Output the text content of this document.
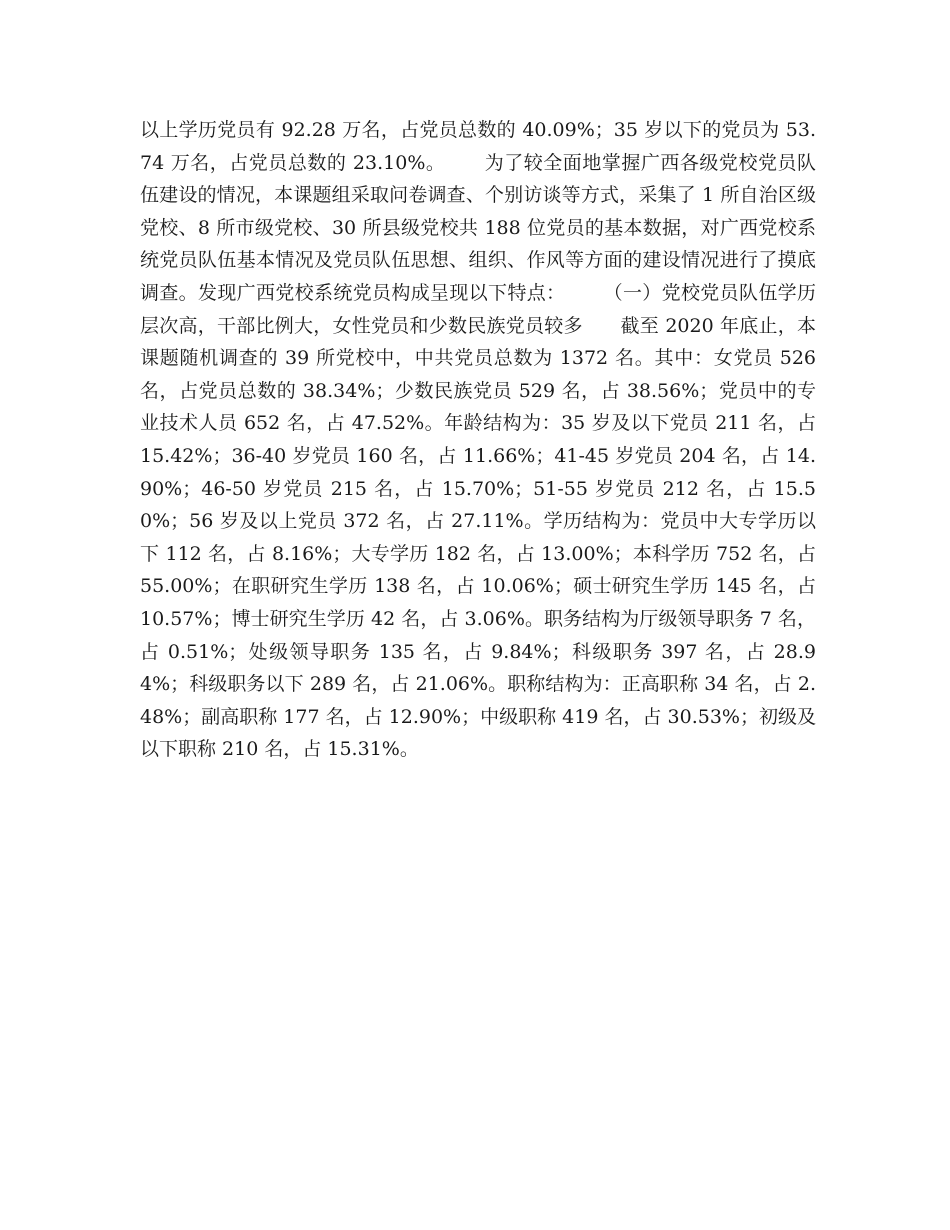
以上学历党员有 92.28 万名，占党员总数的 40.09%；35 岁以下的党员为 53.74 万名，占党员总数的 23.10%。      为了较全面地掌握广西各级党校党员队伍建设的情况，本课题组采取问卷调查、个别访谈等方式，采集了 1 所自治区级党校、8 所市级党校、30 所县级党校共 188 位党员的基本数据，对广西党校系统党员队伍基本情况及党员队伍思想、组织、作风等方面的建设情况进行了摸底调查。发现广西党校系统党员构成呈现以下特点：      （一）党校党员队伍学历层次高，干部比例大，女性党员和少数民族党员较多      截至 2020 年底止，本课题随机调查的 39 所党校中，中共党员总数为 1372 名。其中：女党员 526 名，占党员总数的 38.34%；少数民族党员 529 名，占 38.56%；党员中的专业技术人员 652 名，占 47.52%。年龄结构为：35 岁及以下党员 211 名，占 15.42%；36-40 岁党员 160 名，占 11.66%；41-45 岁党员 204 名，占 14.90%；46-50 岁党员 215 名，占 15.70%；51-55 岁党员 212 名，占 15.50%；56 岁及以上党员 372 名，占 27.11%。学历结构为：党员中大专学历以下 112 名，占 8.16%；大专学历 182 名，占 13.00%；本科学历 752 名，占 55.00%；在职研究生学历 138 名，占 10.06%；硕士研究生学历 145 名，占 10.57%；博士研究生学历 42 名，占 3.06%。职务结构为厅级领导职务 7 名，占 0.51%；处级领导职务 135 名，占 9.84%；科级职务 397 名，占 28.94%；科级职务以下 289 名，占 21.06%。职称结构为：正高职称 34 名，占 2.48%；副高职称 177 名，占 12.90%；中级职称 419 名，占 30.53%；初级及以下职称 210 名，占 15.31%。
